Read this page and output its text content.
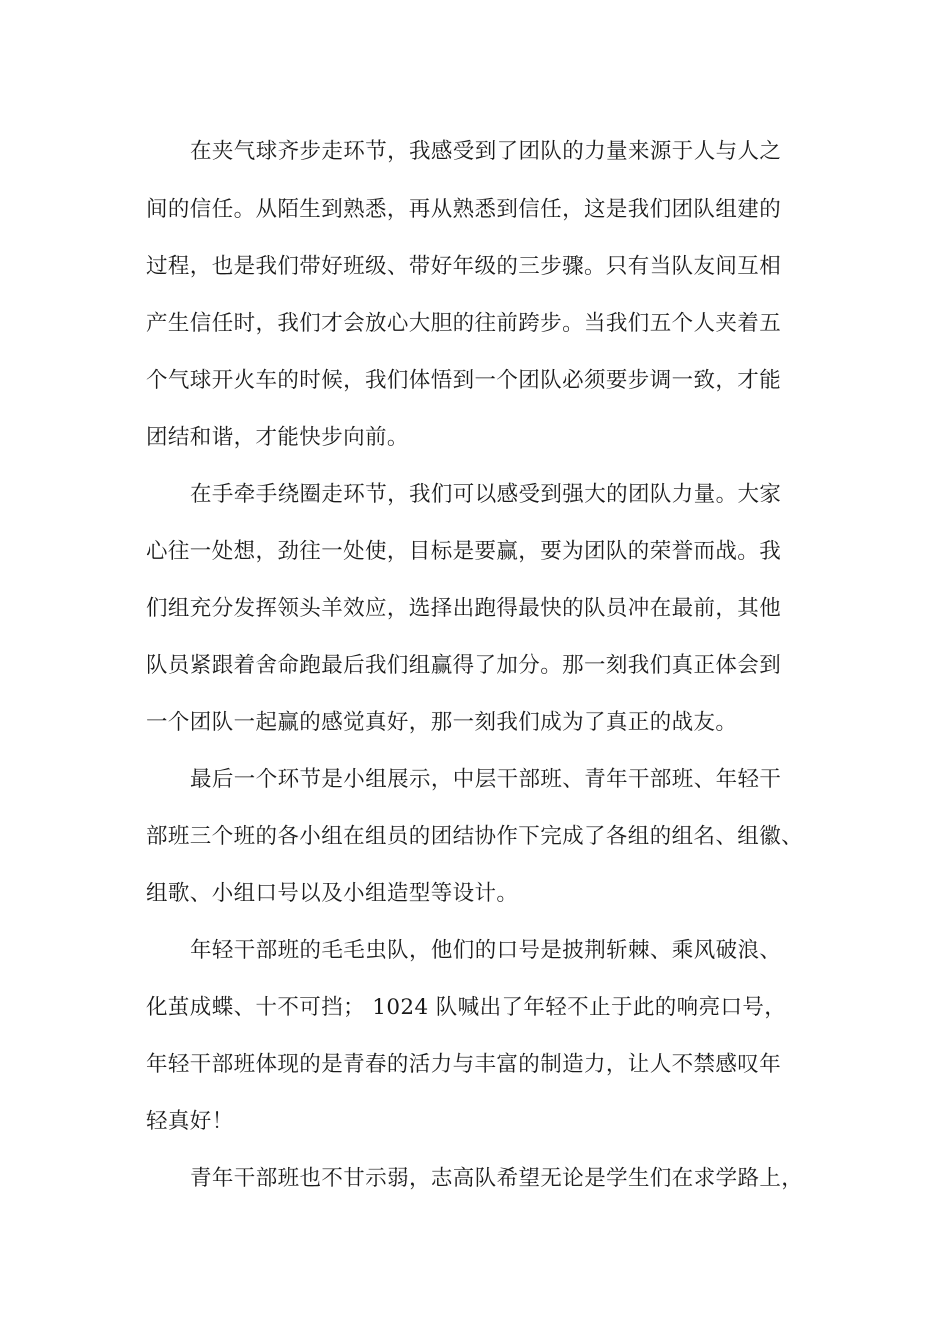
在夹气球齐步走环节，我感受到了团队的力量来源于人与人之
间的信任。从陌生到熟悉，再从熟悉到信任，这是我们团队组建的
过程，也是我们带好班级、带好年级的三步骤。只有当队友间互相
产生信任时，我们才会放心大胆的往前跨步。当我们五个人夹着五
个气球开火车的时候，我们体悟到一个团队必须要步调一致，才能
团结和谐，才能快步向前。
在手牵手绕圈走环节，我们可以感受到强大的团队力量。大家
心往一处想，劲往一处使，目标是要赢，要为团队的荣誉而战。我
们组充分发挥领头羊效应，选择出跑得最快的队员冲在最前，其他
队员紧跟着舍命跑最后我们组赢得了加分。那一刻我们真正体会到
一个团队一起赢的感觉真好，那一刻我们成为了真正的战友。
最后一个环节是小组展示，中层干部班、青年干部班、年轻干
部班三个班的各小组在组员的团结协作下完成了各组的组名、组徽、
组歌、小组口号以及小组造型等设计。
年轻干部班的毛毛虫队，他们的口号是披荆斩棘、乘风破浪、
化茧成蝶、十不可挡； 1024 队喊出了年轻不止于此的响亮口号，
年轻干部班体现的是青春的活力与丰富的制造力，让人不禁感叹年
轻真好！
青年干部班也不甘示弱，志高队希望无论是学生们在求学路上，
